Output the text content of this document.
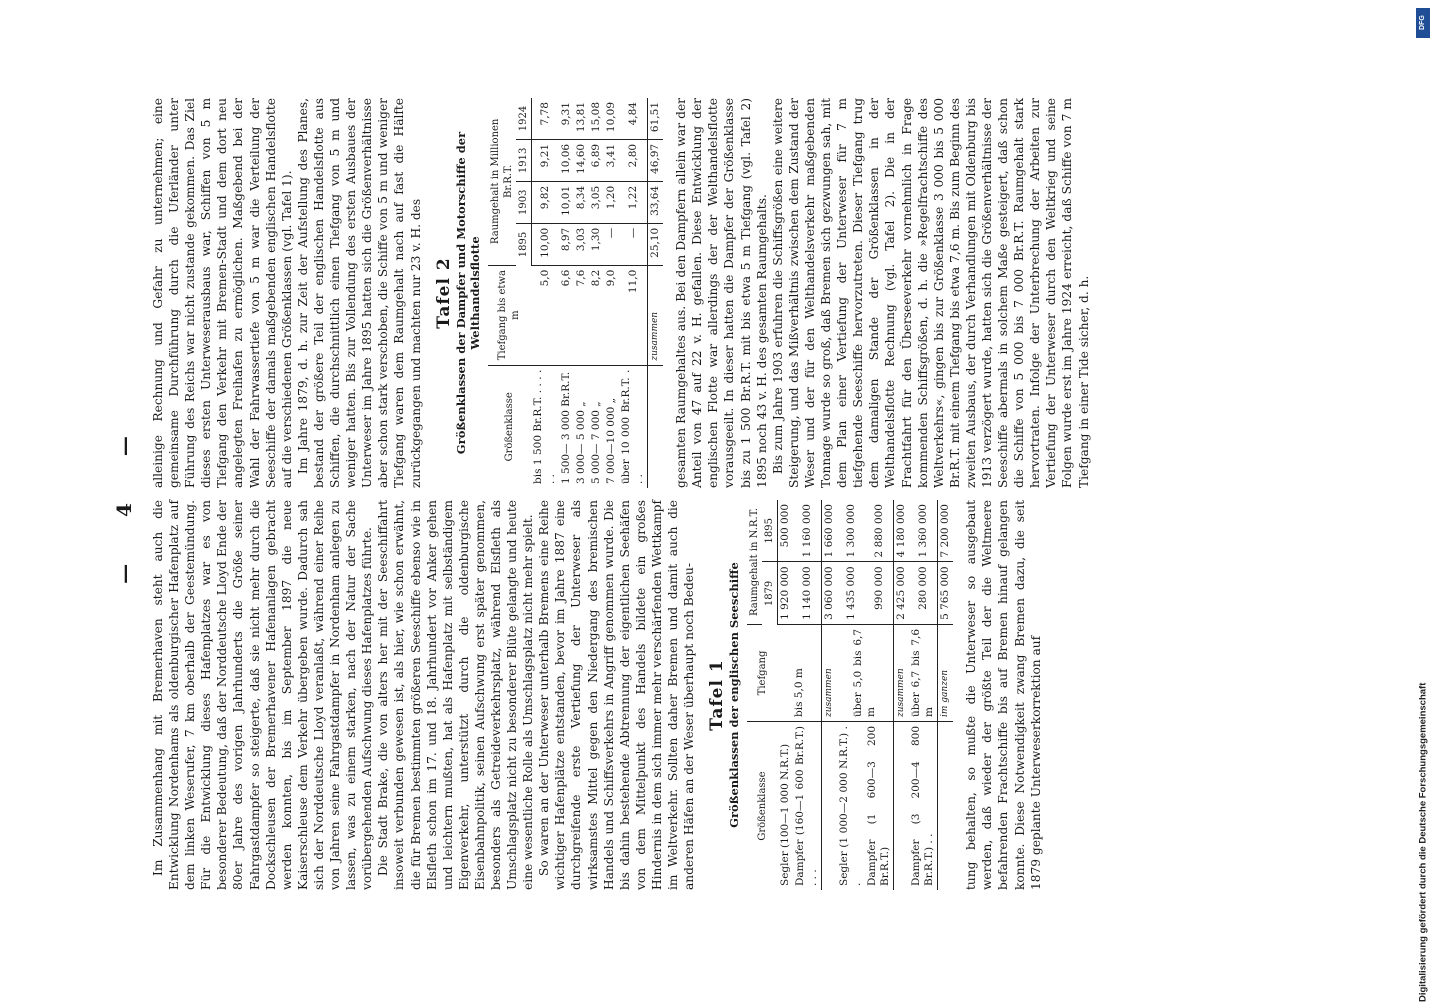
— 4 — Im Zusammenhang mit Bremerhaven steht auch die Entwicklung Nordenhams als oldenburgischer Hafenplatz auf dem linken Weserufer, 7 km oberhalb der Geestemündung. Für die Entwicklung dieses Hafenplatzes war es von besonderer Bedeutung, daß der Norddeutsche Lloyd Ende der 80er Jahre des vorigen Jahrhunderts die Größe seiner Fahrgastdampfer so steigerte, daß sie nicht mehr durch die Dockschleusen der Bremerhavener Hafenanlagen gebracht werden konnten, bis im September 1897 die neue Kaiserschleuse dem Verkehr übergeben wurde. Dadurch sah sich der Norddeutsche Lloyd veranlaßt, während einer Reihe von Jahren seine Fahrgastdampfer in Nordenham anlegen zu lassen, was zu einem starken, nach der Natur der Sache vorübergehenden Aufschwung dieses Hafenplatzes führte. Die Stadt Brake, die von alters her mit der Seeschiffahrt insoweit verbunden gewesen ist, als hier, wie schon erwähnt, die für Bremen bestimmten größeren Seeschiffe ebenso wie in Elsfleth schon im 17. und 18. Jahrhundert vor Anker gehen und leichtern mußten, hat als Hafenplatz mit selbständigem Eigenverkehr, unterstützt durch die oldenburgische Eisenbahnpolitik, seinen Aufschwung erst später genommen, besonders als Getreideverkehrsplatz, während Elsfleth als Umschlagsplatz nicht zu besonderer Blüte gelangte und heute eine wesentliche Rolle als Umschlagsplatz nicht mehr spielt. So waren an der Unterweser unterhalb Bremens eine Reihe wichtiger Hafenplätze entstanden, bevor im Jahre 1887 eine durchgreifende erste Vertiefung der Unterweser als wirksamstes Mittel gegen den Niedergang des bremischen Handels und Schiffsverkehrs in Angriff genommen wurde. Die bis dahin bestehende Abtrennung der eigentlichen Seehäfen von dem Mittelpunkt des Handels bildete ein großes Hindernis in dem sich immer mehr verschärfenden Wettkampf im Weltverkehr. Sollten daher Bremen und damit auch die anderen Häfen an der Weser überhaupt noch Bedeu- Tafel 1 Größenklassen der englischen Seeschiffe Größenklasse	Tiefgang	Raumgehalt in N.R.T.	
		1879	1895
Segler (100—1 000 N.R.T.)	bis 5,0 m	1 920 000	500 000
Dampfer (160—1 600 Br.R.T.) . . .		1 140 000	1 160 000
	zusammen	3 060 000	1 660 000
Segler (1 000—2 000 N.R.T.) . .	über 5,0 bis 6,7 m	1 435 000	1 300 000
Dampfer (1 600—3 200 Br.R.T.)		990 000	2 880 000
	zusammen	2 425 000	4 180 000
Dampfer (3 200—4 800 Br.R.T.) . .	über 6,7 bis 7,6 m	280 000	1 360 000
	im ganzen	5 765 000	7 200 000 tung behalten, so mußte die Unterweser so ausgebaut werden, daß wieder der größte Teil der die Weltmeere befahrenden Frachtschiffe bis auf Bremen hinauf gelangen konnte. Diese Notwendigkeit zwang Bremen dazu, die seit 1879 geplante Unterweserkorrektion auf

alleinige Rechnung und Gefahr zu unternehmen; eine gemeinsame Durchführung durch die Uferländer unter Führung des Reichs war nicht zustande gekommen. Das Ziel dieses ersten Unterweserausbaus war, Schiffen von 5 m Tiefgang den Verkehr mit Bremen-Stadt und dem dort neu angelegten Freihafen zu ermöglichen. Maßgebend bei der Wahl der Fahrwassertiefe von 5 m war die Verteilung der Seeschiffe der damals maßgebenden englischen Handelsflotte auf die verschiedenen Größenklassen (vgl. Tafel 1). Im Jahre 1879, d. h. zur Zeit der Aufstellung des Planes, bestand der größere Teil der englischen Handelsflotte aus Schiffen, die durchschnittlich einen Tiefgang von 5 m und weniger hatten. Bis zur Vollendung des ersten Ausbaues der Unterweser im Jahre 1895 hatten sich die Größenverhältnisse aber schon stark verschoben, die Schiffe von 5 m und weniger Tiefgang waren dem Raumgehalt nach auf fast die Hälfte zurückgegangen und machten nur 23 v. H. des Tafel 2 Größenklassen der Dampfer und Motorschiffe der Welthandelsflotte
Größenklasse	Tiefgang bis etwa m	Raumgehalt in Millionen Br.R.T.			
		1895	1903	1913	1924
bis 1 500 Br.R.T. . . . . . .	5,0	10,00	9,82	9,21	7,78
1 500— 3 000 Br.R.T.	6,6	8,97	10,01	10,06	9,31
3 000— 5 000 „	7,6	3,03	8,34	14,60	13,81
5 000— 7 000 „	8,2	1,30	3,05	6,89	15,08
7 000—10 000 „	9,0	—	1,20	3,41	10,09
über 10 000 Br.R.T. . . .	11,0	—	1,22	2,80	4,84
	zusammen	25,10	33,64	46,97	61,51 gesamten Raumgehaltes aus. Bei den Dampfern allein war der Anteil von 47 auf 22 v. H. gefallen. Diese Entwicklung der englischen Flotte war allerdings der der Welthandelsflotte vorausgeeilt. In dieser hatten die Dampfer der Größenklasse bis zu 1 500 Br.R.T. mit bis etwa 5 m Tiefgang (vgl. Tafel 2) 1895 noch 43 v. H. des gesamten Raumgehalts. Bis zum Jahre 1903 erfuhren die Schiffsgrößen eine weitere Steigerung, und das Mißverhältnis zwischen dem Zustand der Weser und der für den Welthandelsverkehr maßgebenden Tonnage wurde so groß, daß Bremen sich gezwungen sah, mit dem Plan einer Vertiefung der Unterweser für 7 m tiefgehende Seeschiffe hervorzutreten. Dieser Tiefgang trug dem damaligen Stande der Größenklassen in der Welthandelsflotte Rechnung (vgl. Tafel 2). Die in der Frachtfahrt für den Überseeverkehr vornehmlich in Frage kommenden Schiffsgrößen, d. h. die »Regelfrachtschiffe des Weltverkehrs«, gingen bis zur Größenklasse 3 000 bis 5 000 Br.R.T. mit einem Tiefgang bis etwa 7,6 m. Bis zum Beginn des zweiten Ausbaus, der durch Verhandlungen mit Oldenburg bis 1913 verzögert wurde, hatten sich die Größenverhältnisse der Seeschiffe abermals in solchem Maße gesteigert, daß schon die Schiffe von 5 000 bis 7 000 Br.R.T. Raumgehalt stark hervortraten. Infolge der Unterbrechung der Arbeiten zur Vertiefung der Unterweser durch den Weltkrieg und seine Folgen wurde erst im Jahre 1924 erreicht, daß Schiffe von 7 m Tiefgang in einer Tide sicher, d. h.

DFG
Digitalisierung gefördert durch die Deutsche Forschungsgemeinschaft
